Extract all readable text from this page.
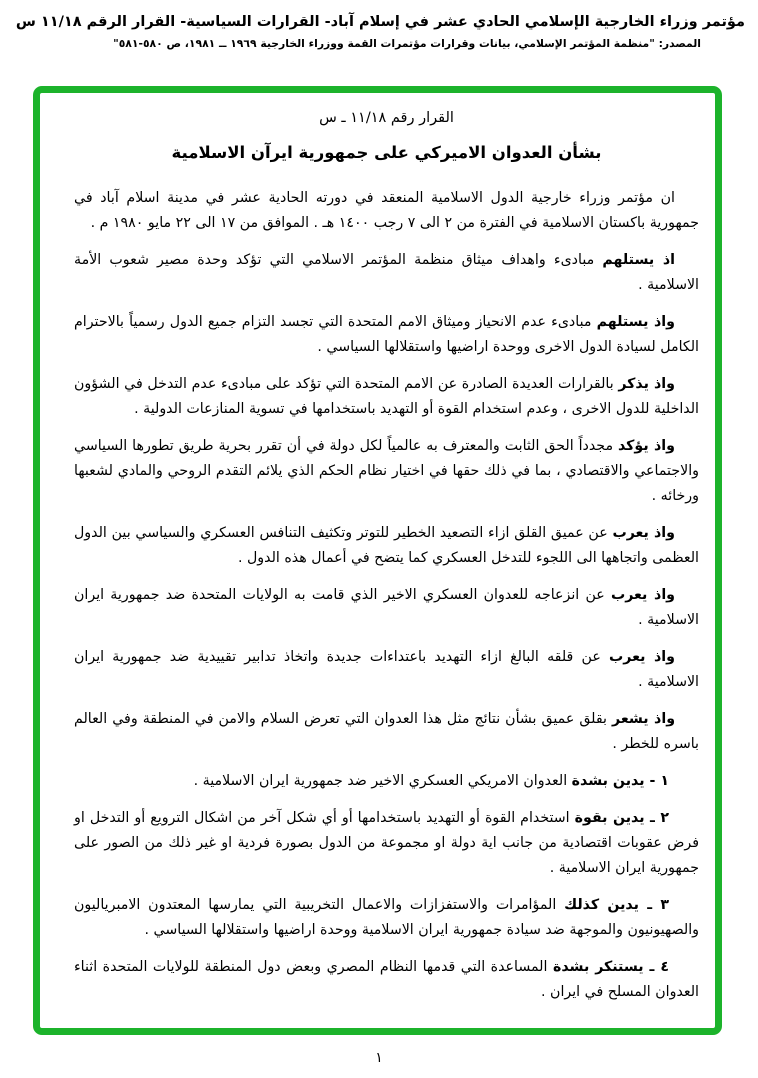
مؤتمر وزراء الخارجية الإسلامي الحادي عشر في إسلام آباد- القرارات السياسية- القرار الرقم ١١/١٨ س
المصدر: "منظمة المؤتمر الإسلامي، بيانات وقرارات مؤتمرات القمة ووزراء الخارجية ١٩٦٩ ــ ١٩٨١، ص ٥٨٠-٥٨١"
القرار رقم ١١/١٨ ـ س
بشأن العدوان الاميركي على جمهورية ايرآن الاسلامية

ان مؤتمر وزراء خارجية الدول الاسلامية المنعقد في دورته الحادية عشر في مدينة اسلام آباد في جمهورية باكستان الاسلامية في الفترة من ٢ الى ٧ رجب ١٤٠٠ هـ . الموافق من ١٧ الى ٢٢ مايو ١٩٨٠ م .

اذ يستلهم مبادىء واهداف ميثاق منظمة المؤتمر الاسلامي التي تؤكد وحدة مصير شعوب الأمة الاسلامية .

واذ يستلهم مبادىء عدم الانحياز وميثاق الامم المتحدة التي تجسد التزام جميع الدول رسمياً بالاحترام الكامل لسيادة الدول الاخرى ووحدة اراضيها واستقلالها السياسي .

واذ يذكر بالقرارات العديدة الصادرة عن الامم المتحدة التي تؤكد على مبادىء عدم التدخل في الشؤون الداخلية للدول الاخرى ، وعدم استخدام القوة أو التهديد باستخدامها في تسوية المنازعات الدولية .

واذ يؤكد مجدداً الحق الثابت والمعترف به عالمياً لكل دولة في أن تقرر بحرية طريق تطورها السياسي والاجتماعي والاقتصادي ، بما في ذلك حقها في اختيار نظام الحكم الذي يلائم التقدم الروحي والمادي لشعبها ورخائه .

واذ يعرب عن عميق القلق ازاء التصعيد الخطير للتوتر وتكثيف التنافس العسكري والسياسي بين الدول العظمى واتجاهها الى اللجوء للتدخل العسكري كما يتضح في أعمال هذه الدول .

واذ يعرب عن انزعاجه للعدوان العسكري الاخير الذي قامت به الولايات المتحدة ضد جمهورية ايران الاسلامية .

واذ يعرب عن قلقه البالغ ازاء التهديد باعتداءات جديدة واتخاذ تدابير تقييدية ضد جمهورية ايران الاسلامية .

واذ يشعر بقلق عميق بشأن نتائج مثل هذا العدوان التي تعرض السلام والامن في المنطقة وفي العالم باسره للخطر .

١ - يدين بشدة العدوان الامريكي العسكري الاخير ضد جمهورية ايران الاسلامية .

٢ ـ يدين بقوة استخدام القوة أو التهديد باستخدامها أو أي شكل آخر من اشكال الترويع أو التدخل او فرض عقوبات اقتصادية من جانب اية دولة او مجموعة من الدول بصورة فردية او غير ذلك من الصور على جمهورية ايران الاسلامية .

٣ ـ يدين كذلك المؤامرات والاستفزازات والاعمال التخريبية التي يمارسها المعتدون الامبرياليون والصهيونيون والموجهة ضد سيادة جمهورية ايران الاسلامية ووحدة اراضيها واستقلالها السياسي .

٤ ـ يستنكر بشدة المساعدة التي قدمها النظام المصري وبعض دول المنطقة للولايات المتحدة اثناء العدوان المسلح في ايران .

١
